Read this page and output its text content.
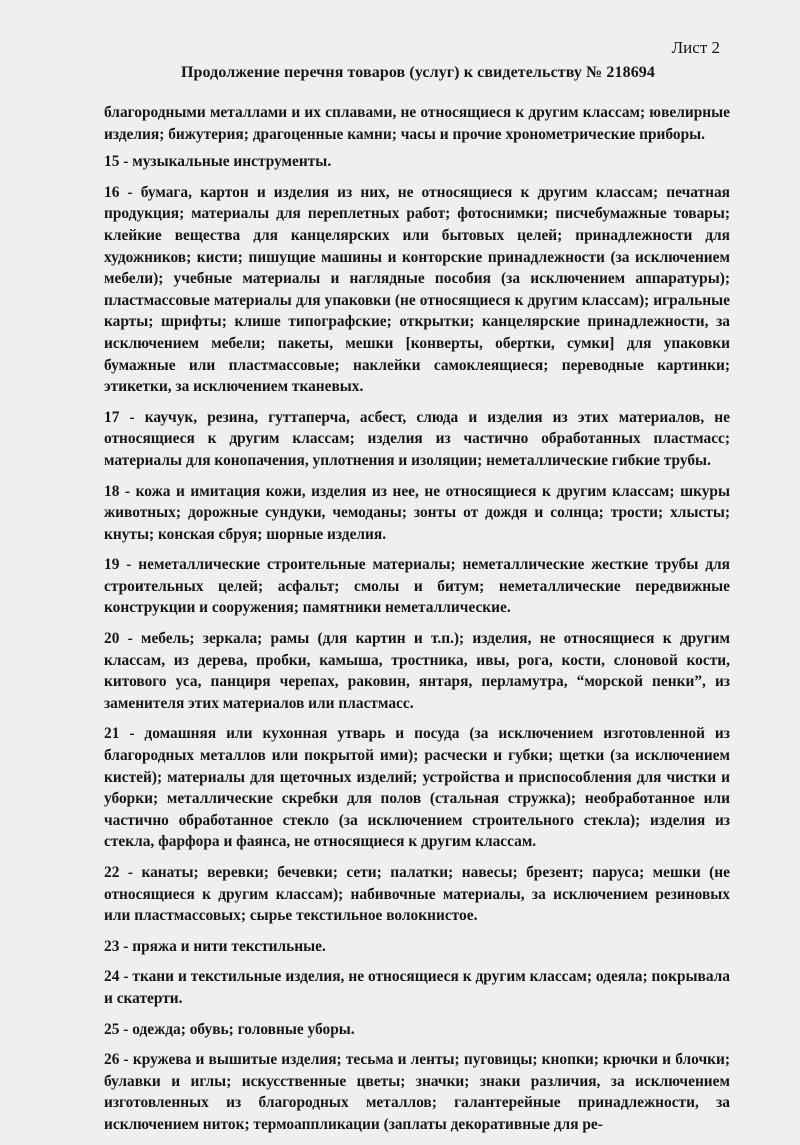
Лист 2
Продолжение перечня товаров (услуг) к свидетельству № 218694

благородными металлами и их сплавами, не относящиеся к другим классам; ювелирные изделия; бижутерия; драгоценные камни; часы и прочие хронометрические приборы.

15 - музыкальные инструменты.

16 - бумага, картон и изделия из них, не относящиеся к другим классам; печатная продукция; материалы для переплетных работ; фотоснимки; писчебумажные товары; клейкие вещества для канцелярских или бытовых целей; принадлежности для художников; кисти; пишущие машины и конторские принадлежности (за исключением мебели); учебные материалы и наглядные пособия (за исключением аппаратуры); пластмассовые материалы для упаковки (не относящиеся к другим классам); игральные карты; шрифты; клише типографские; открытки; канцелярские принадлежности, за исключением мебели; пакеты, мешки [конверты, обертки, сумки] для упаковки бумажные или пластмассовые; наклейки самоклеящиеся; переводные картинки; этикетки, за исключением тканевых.

17 - каучук, резина, гуттаперча, асбест, слюда и изделия из этих материалов, не относящиеся к другим классам; изделия из частично обработанных пластмасс; материалы для конопачения, уплотнения и изоляции; неметаллические гибкие трубы.

18 - кожа и имитация кожи, изделия из нее, не относящиеся к другим классам; шкуры животных; дорожные сундуки, чемоданы; зонты от дождя и солнца; трости; хлысты; кнуты; конская сбруя; шорные изделия.

19 - неметаллические строительные материалы; неметаллические жесткие трубы для строительных целей; асфальт; смолы и битум; неметаллические передвижные конструкции и сооружения; памятники неметаллические.

20 - мебель; зеркала; рамы (для картин и т.п.); изделия, не относящиеся к другим классам, из дерева, пробки, камыша, тростника, ивы, рога, кости, слоновой кости, китового уса, панциря черепах, раковин, янтаря, перламутра, “морской пенки”, из заменителя этих материалов или пластмасс.

21 - домашняя или кухонная утварь и посуда (за исключением изготовленной из благородных металлов или покрытой ими); расчески и губки; щетки (за исключением кистей); материалы для щеточных изделий; устройства и приспособления для чистки и уборки; металлические скребки для полов (стальная стружка); необработанное или частично обработанное стекло (за исключением строительного стекла); изделия из стекла, фарфора и фаянса, не относящиеся к другим классам.

22 - канаты; веревки; бечевки; сети; палатки; навесы; брезент; паруса; мешки (не относящиеся к другим классам); набивочные материалы, за исключением резиновых или пластмассовых; сырье текстильное волокнистое.

23 - пряжа и нити текстильные.

24 - ткани и текстильные изделия, не относящиеся к другим классам; одеяла; покрывала и скатерти.

25 - одежда; обувь; головные уборы.

26 - кружева и вышитые изделия; тесьма и ленты; пуговицы; кнопки; крючки и блочки; булавки и иглы; искусственные цветы; значки; знаки различия, за исключением изготовленных из благородных металлов; галантерейные принадлежности, за исключением ниток; термоаппликации (заплаты декоративные для ре-
